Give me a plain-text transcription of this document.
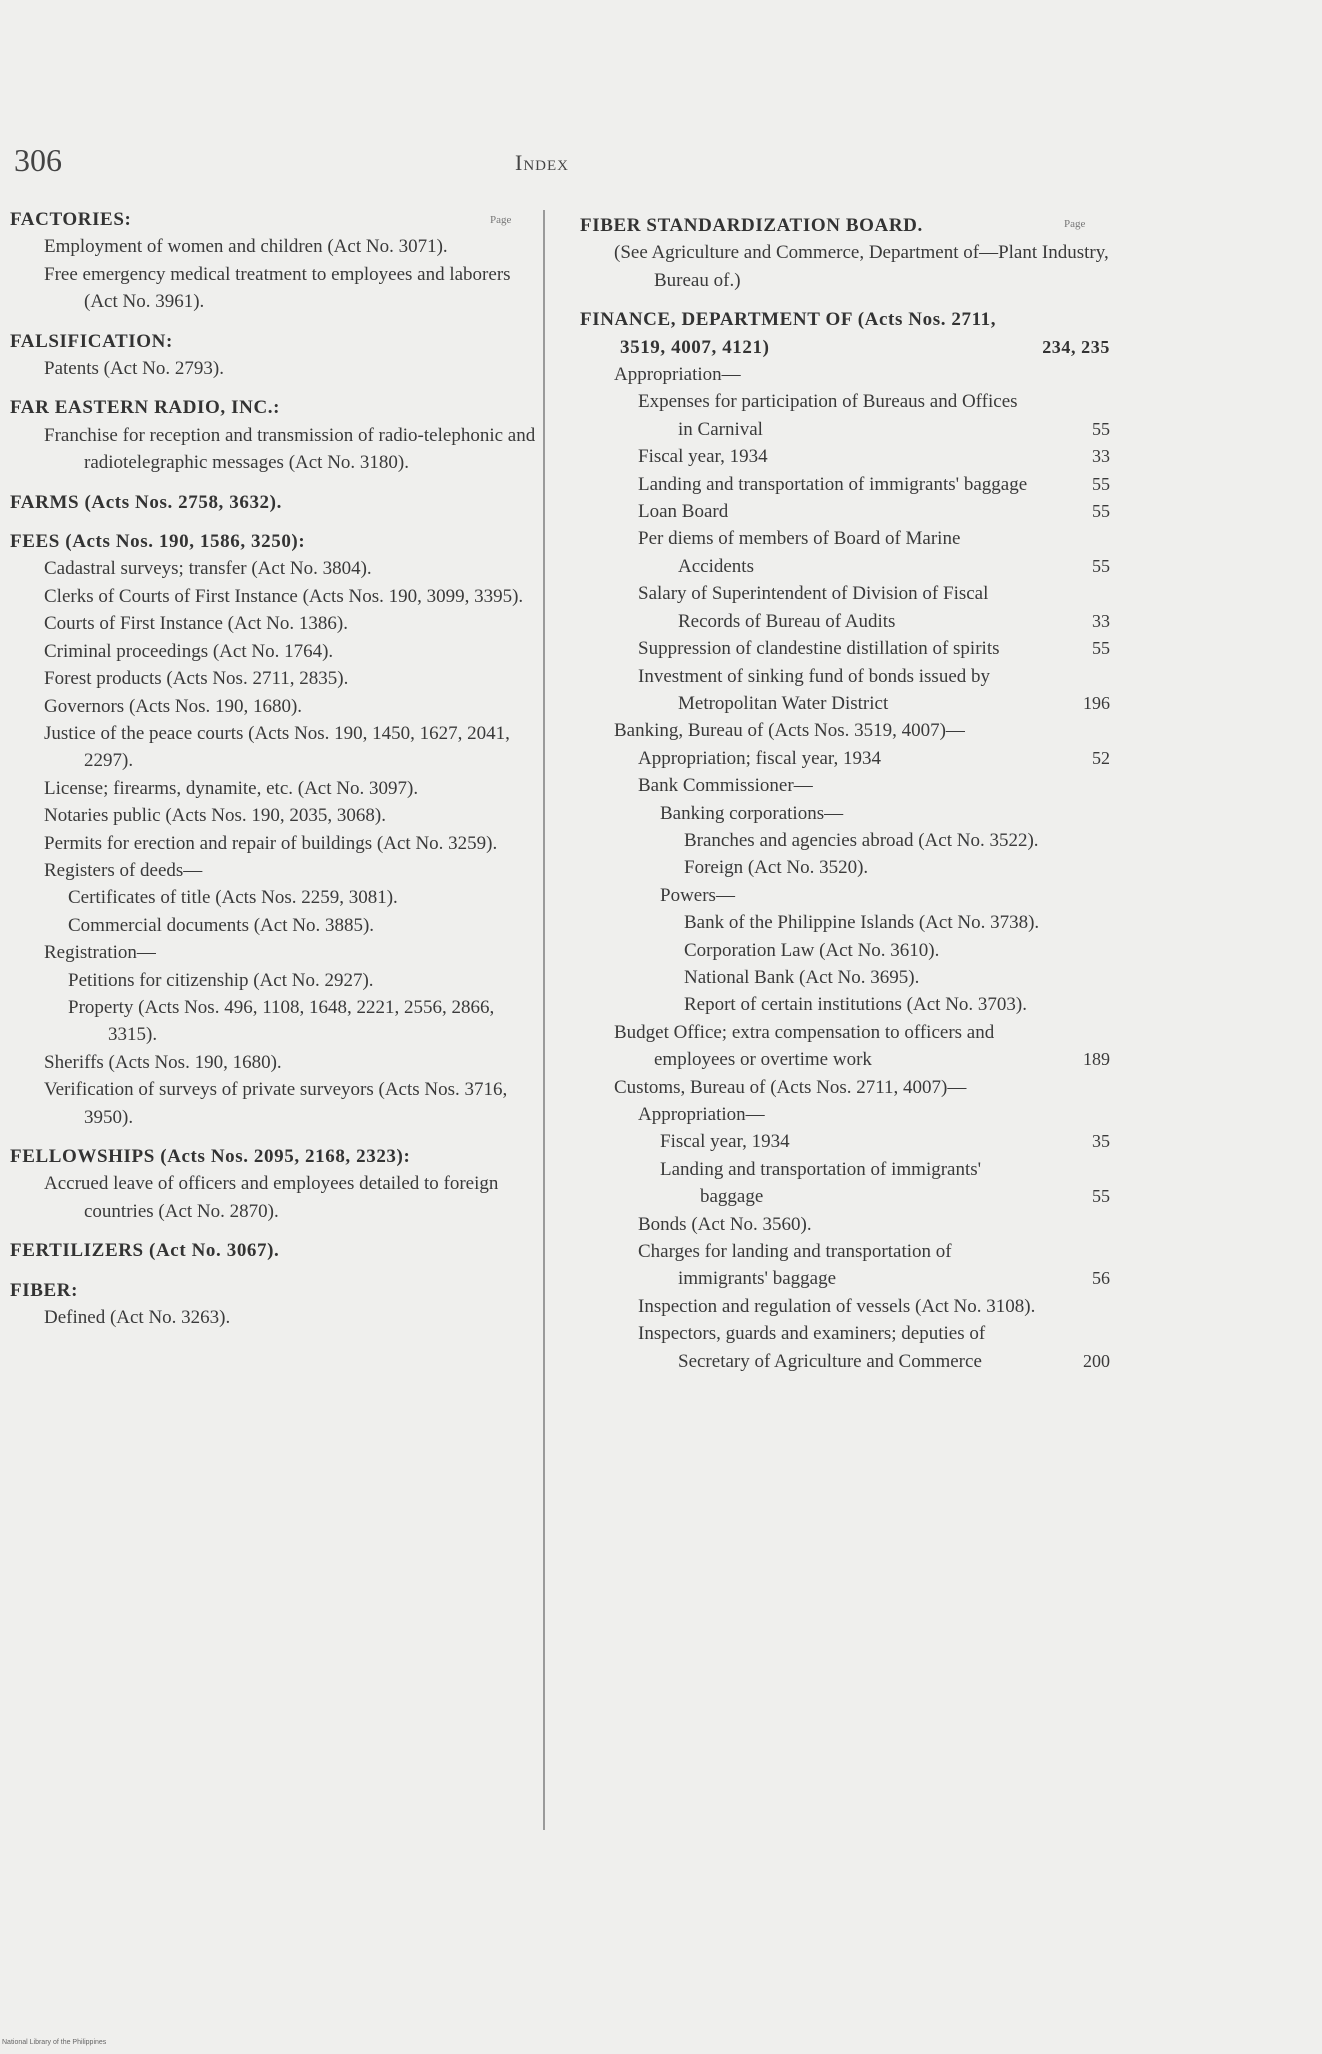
306	Index
Page	Page
FACTORIES:
Employment of women and children (Act No. 3071).
Free emergency medical treatment to employees and laborers (Act No. 3961).
FALSIFICATION:
Patents (Act No. 2793).
FAR EASTERN RADIO, INC.:
Franchise for reception and transmission of radio-telephonic and radiotelegraphic messages (Act No. 3180).
FARMS (Acts Nos. 2758, 3632).
FEES (Acts Nos. 190, 1586, 3250):
Cadastral surveys; transfer (Act No. 3804).
Clerks of Courts of First Instance (Acts Nos. 190, 3099, 3395).
Courts of First Instance (Act No. 1386).
Criminal proceedings (Act No. 1764).
Forest products (Acts Nos. 2711, 2835).
Governors (Acts Nos. 190, 1680).
Justice of the peace courts (Acts Nos. 190, 1450, 1627, 2041, 2297).
License; firearms, dynamite, etc. (Act No. 3097).
Notaries public (Acts Nos. 190, 2035, 3068).
Permits for erection and repair of buildings (Act No. 3259).
Registers of deeds—
Certificates of title (Acts Nos. 2259, 3081).
Commercial documents (Act No. 3885).
Registration—
Petitions for citizenship (Act No. 2927).
Property (Acts Nos. 496, 1108, 1648, 2221, 2556, 2866, 3315).
Sheriffs (Acts Nos. 190, 1680).
Verification of surveys of private surveyors (Acts Nos. 3716, 3950).
FELLOWSHIPS (Acts Nos. 2095, 2168, 2323):
Accrued leave of officers and employees detailed to foreign countries (Act No. 2870).
FERTILIZERS (Act No. 3067).
FIBER:
Defined (Act No. 3263).
FIBER STANDARDIZATION BOARD.
(See Agriculture and Commerce, Department of—Plant Industry, Bureau of.)
FINANCE, DEPARTMENT OF (Acts Nos. 2711, 3519, 4007, 4121)	234, 235
Appropriation—
Expenses for participation of Bureaus and Offices in Carnival	55
Fiscal year, 1934	33
Landing and transportation of immigrants' baggage	55
Loan Board	55
Per diems of members of Board of Marine Accidents	55
Salary of Superintendent of Division of Fiscal Records of Bureau of Audits	33
Suppression of clandestine distillation of spirits	55
Investment of sinking fund of bonds issued by Metropolitan Water District	196
Banking, Bureau of (Acts Nos. 3519, 4007)—
Appropriation; fiscal year, 1934	52
Bank Commissioner—
Banking corporations—
Branches and agencies abroad (Act No. 3522).
Foreign (Act No. 3520).
Powers—
Bank of the Philippine Islands (Act No. 3738).
Corporation Law (Act No. 3610).
National Bank (Act No. 3695).
Report of certain institutions (Act No. 3703).
Budget Office; extra compensation to officers and employees or overtime work	189
Customs, Bureau of (Acts Nos. 2711, 4007)—
Appropriation—
Fiscal year, 1934	35
Landing and transportation of immigrants' baggage	55
Bonds (Act No. 3560).
Charges for landing and transportation of immigrants' baggage	56
Inspection and regulation of vessels (Act No. 3108).
Inspectors, guards and examiners; deputies of Secretary of Agriculture and Commerce	200
National Library of the Philippines
